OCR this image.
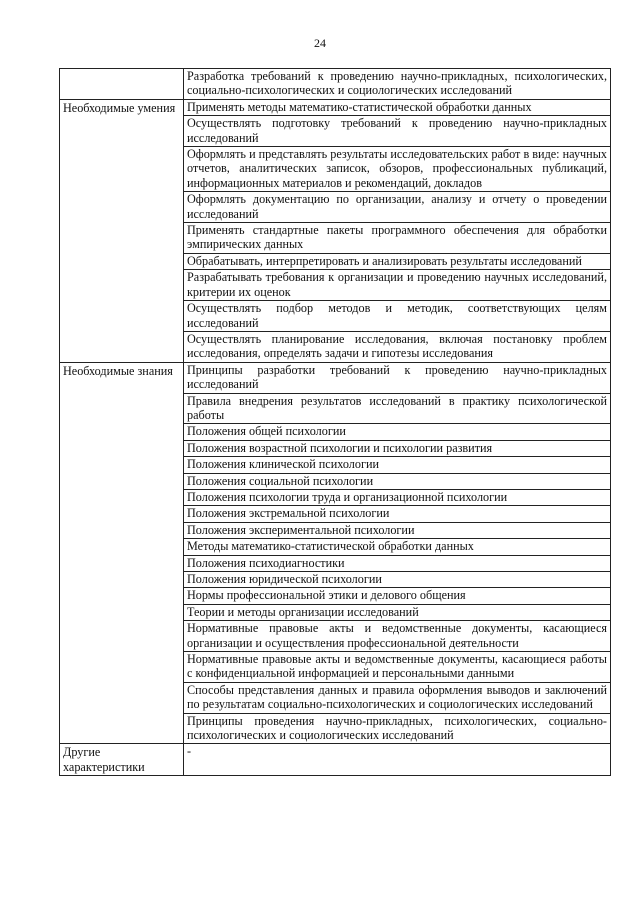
24
	Разработка требований к проведению научно-прикладных, психологических, социально-психологических и социологических исследований
Необходимые умения	Применять методы математико-статистической обработки данных
	Осуществлять подготовку требований к проведению научно-прикладных исследований
	Оформлять и представлять результаты исследовательских работ в виде: научных отчетов, аналитических записок, обзоров, профессиональных публикаций, информационных материалов и рекомендаций, докладов
	Оформлять документацию по организации, анализу и отчету о проведении исследований
	Применять стандартные пакеты программного обеспечения для обработки эмпирических данных
	Обрабатывать, интерпретировать и анализировать результаты исследований
	Разрабатывать требования к организации и проведению научных исследований, критерии их оценок
	Осуществлять подбор методов и методик, соответствующих целям исследований
	Осуществлять планирование исследования, включая постановку проблем исследования, определять задачи и гипотезы исследования
Необходимые знания	Принципы разработки требований к проведению научно-прикладных исследований
	Правила внедрения результатов исследований в практику психологической работы
	Положения общей психологии
	Положения возрастной психологии и психологии развития
	Положения клинической психологии
	Положения социальной психологии
	Положения психологии труда и организационной психологии
	Положения экстремальной психологии
	Положения экспериментальной психологии
	Методы математико-статистической обработки данных
	Положения психодиагностики
	Положения юридической психологии
	Нормы профессиональной этики и делового общения
	Теории и методы организации исследований
	Нормативные правовые акты и ведомственные документы, касающиеся организации и осуществления профессиональной деятельности
	Нормативные правовые акты и ведомственные документы, касающиеся работы с конфиденциальной информацией и персональными данными
	Способы представления данных и правила оформления выводов и заключений по результатам социально-психологических и социологических исследований
	Принципы проведения научно-прикладных, психологических, социально-психологических и социологических исследований
Другие характеристики	-
